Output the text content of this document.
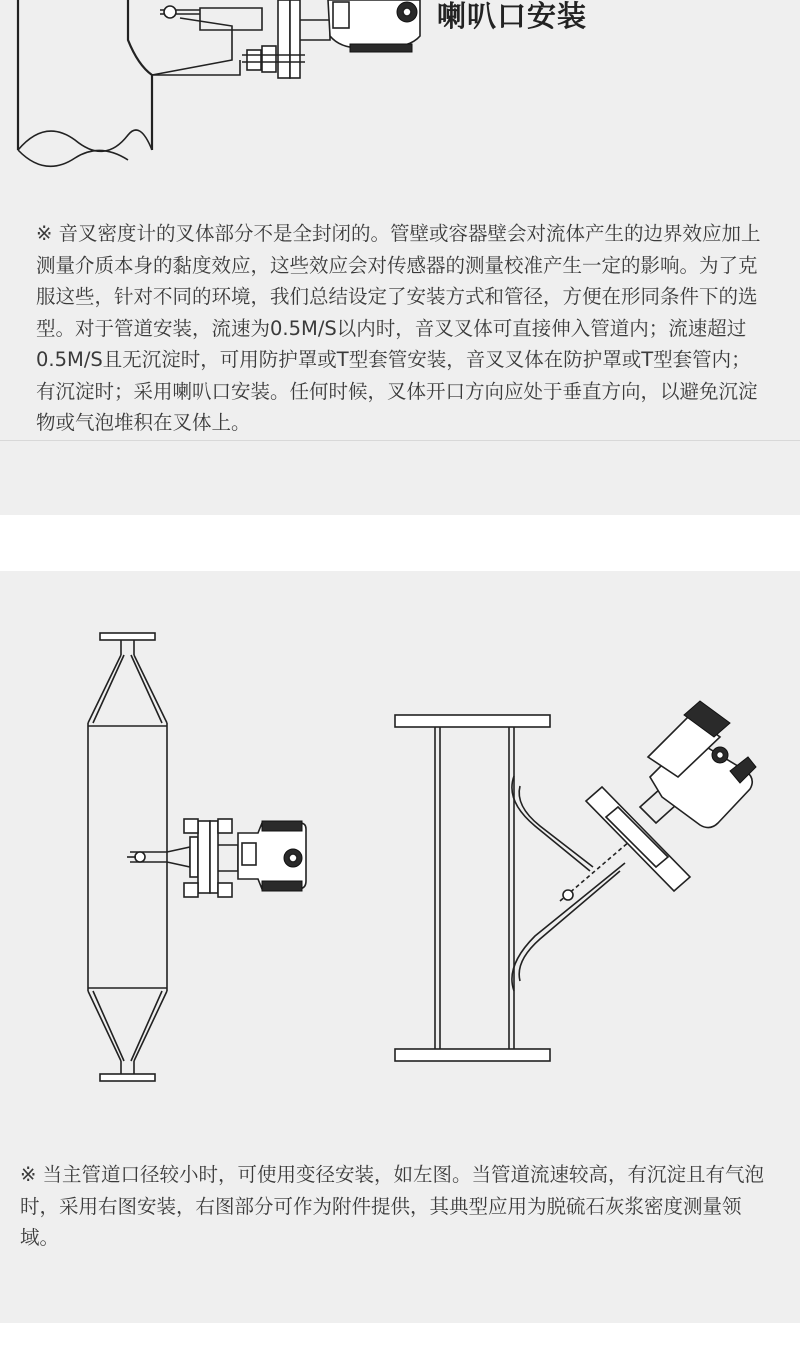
喇叭口安装

※ 音叉密度计的叉体部分不是全封闭的。管壁或容器壁会对流体产生的边界效应加上测量介质本身的黏度效应，这些效应会对传感器的测量校准产生一定的影响。为了克服这些，针对不同的环境，我们总结设定了安装方式和管径，方便在形同条件下的选型。对于管道安装，流速为0.5M/S以内时，音叉叉体可直接伸入管道内；流速超过0.5M/S且无沉淀时，可用防护罩或T型套管安装，音叉叉体在防护罩或T型套管内；有沉淀时；采用喇叭口安装。任何时候，叉体开口方向应处于垂直方向，以避免沉淀物或气泡堆积在叉体上。

※ 当主管道口径较小时，可使用变径安装，如左图。当管道流速较高，有沉淀且有气泡时，采用右图安装，右图部分可作为附件提供，其典型应用为脱硫石灰浆密度测量领域。
